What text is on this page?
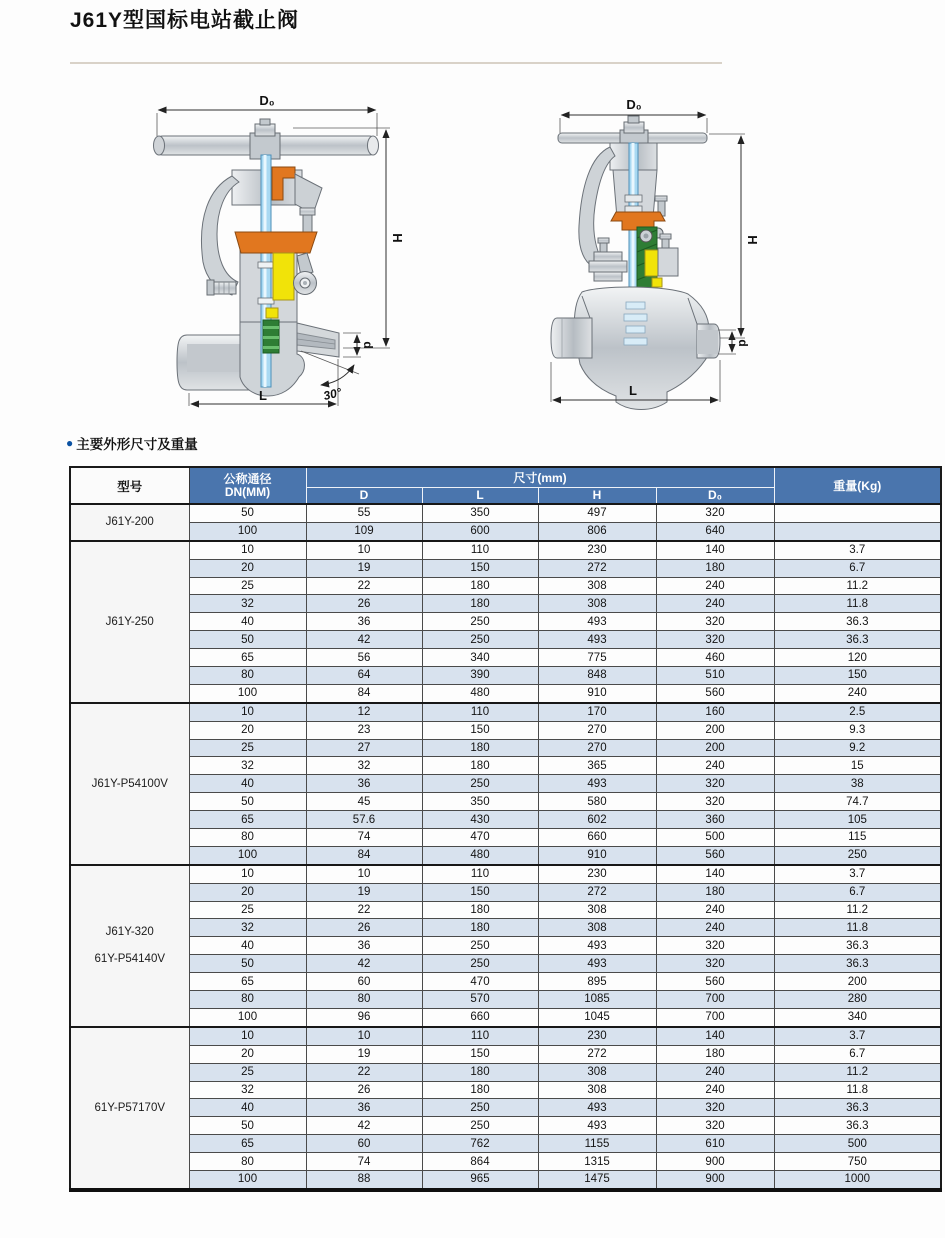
J61Y型国标电站截止阀
D₀
H
d
L	30°
D₀
H
d
L
● 主要外形尺寸及重量
型号	公称通径
DN(MM)	尺寸(mm)				重量(Kg)
		D	L	H	D₀	

J61Y-200	50	55	350	497	320	
	100	109	600	806	640	

J61Y-250	10	10	110	230	140	3.7
	20	19	150	272	180	6.7
	25	22	180	308	240	11.2
	32	26	180	308	240	11.8
	40	36	250	493	320	36.3
	50	42	250	493	320	36.3
	65	56	340	775	460	120
	80	64	390	848	510	150
	100	84	480	910	560	240

J61Y-P54100V	10	12	110	170	160	2.5
	20	23	150	270	200	9.3
	25	27	180	270	200	9.2
	32	32	180	365	240	15
	40	36	250	493	320	38
	50	45	350	580	320	74.7
	65	57.6	430	602	360	105
	80	74	470	660	500	115
	100	84	480	910	560	250

J61Y-320
61Y-P54140V	10	10	110	230	140	3.7
	20	19	150	272	180	6.7
	25	22	180	308	240	11.2
	32	26	180	308	240	11.8
	40	36	250	493	320	36.3
	50	42	250	493	320	36.3
	65	60	470	895	560	200
	80	80	570	1085	700	280
	100	96	660	1045	700	340

61Y-P57170V	10	10	110	230	140	3.7
	20	19	150	272	180	6.7
	25	22	180	308	240	11.2
	32	26	180	308	240	11.8
	40	36	250	493	320	36.3
	50	42	250	493	320	36.3
	65	60	762	1155	610	500
	80	74	864	1315	900	750
	100	88	965	1475	900	1000
